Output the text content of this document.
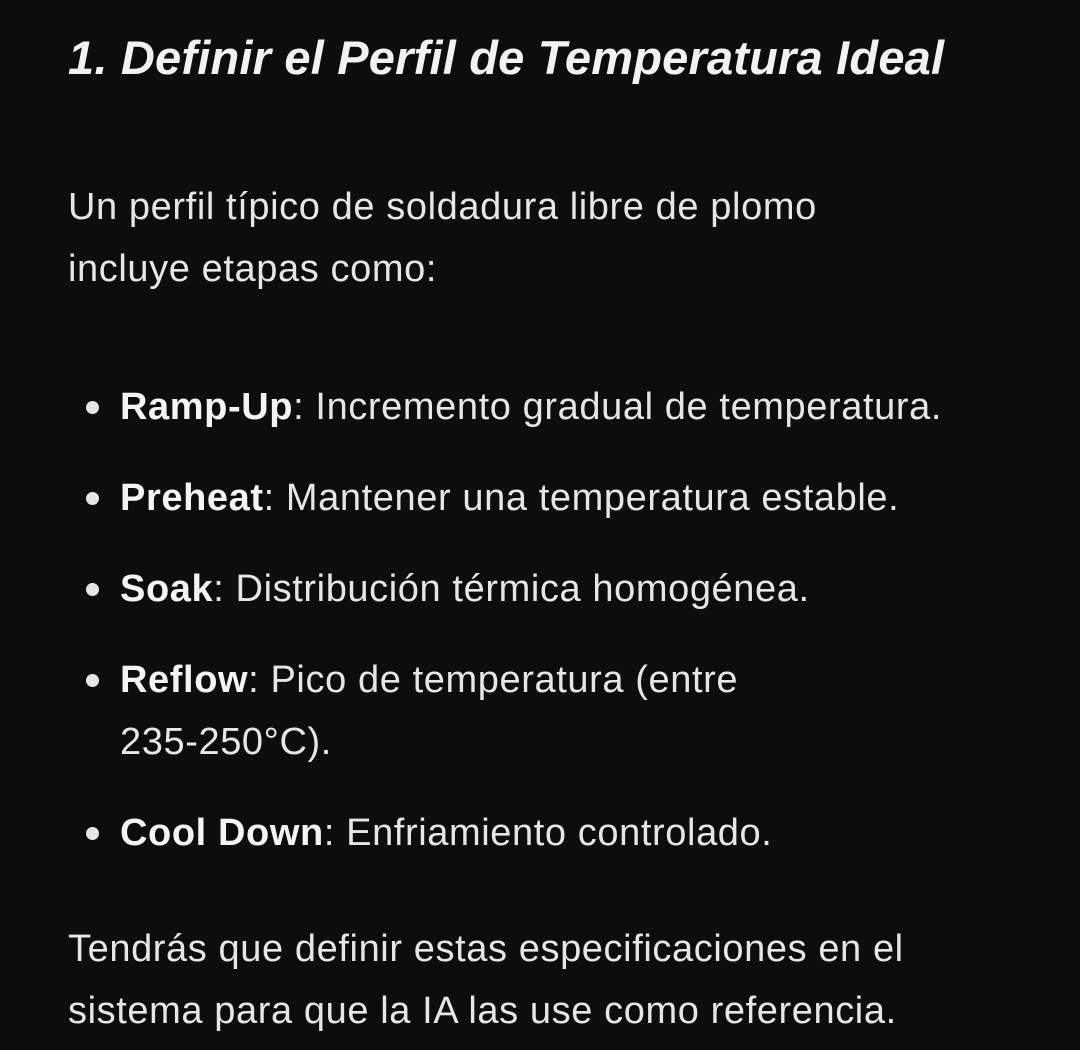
1. Definir el Perfil de Temperatura Ideal

Un perfil típico de soldadura libre de plomo incluye etapas como:

Ramp-Up: Incremento gradual de temperatura.
Preheat: Mantener una temperatura estable.
Soak: Distribución térmica homogénea.
Reflow: Pico de temperatura (entre 235-250°C).
Cool Down: Enfriamiento controlado.

Tendrás que definir estas especificaciones en el sistema para que la IA las use como referencia.
